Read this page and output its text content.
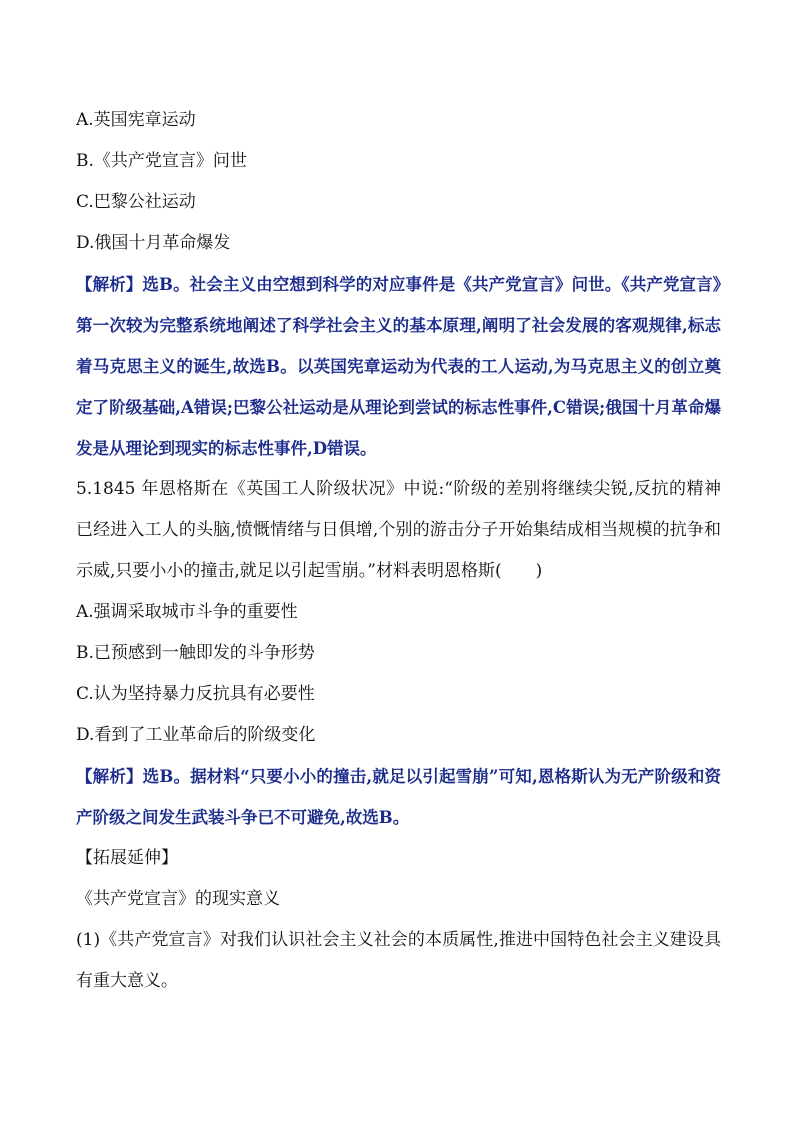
A.英国宪章运动
B.《共产党宣言》问世
C.巴黎公社运动
D.俄国十月革命爆发
【解析】选B。社会主义由空想到科学的对应事件是《共产党宣言》问世。《共产党宣言》第一次较为完整系统地阐述了科学社会主义的基本原理,阐明了社会发展的客观规律,标志着马克思主义的诞生,故选B。以英国宪章运动为代表的工人运动,为马克思主义的创立奠定了阶级基础,A错误;巴黎公社运动是从理论到尝试的标志性事件,C错误;俄国十月革命爆发是从理论到现实的标志性事件,D错误。
5.1845 年恩格斯在《英国工人阶级状况》中说:“阶级的差别将继续尖锐,反抗的精神已经进入工人的头脑,愤慨情绪与日俱增,个别的游击分子开始集结成相当规模的抗争和示威,只要小小的撞击,就足以引起雪崩。”材料表明恩格斯(　　)
A.强调采取城市斗争的重要性
B.已预感到一触即发的斗争形势
C.认为坚持暴力反抗具有必要性
D.看到了工业革命后的阶级变化
【解析】选B。据材料“只要小小的撞击,就足以引起雪崩”可知,恩格斯认为无产阶级和资产阶级之间发生武装斗争已不可避免,故选B。
【拓展延伸】
《共产党宣言》的现实意义
(1)《共产党宣言》对我们认识社会主义社会的本质属性,推进中国特色社会主义建设具有重大意义。
